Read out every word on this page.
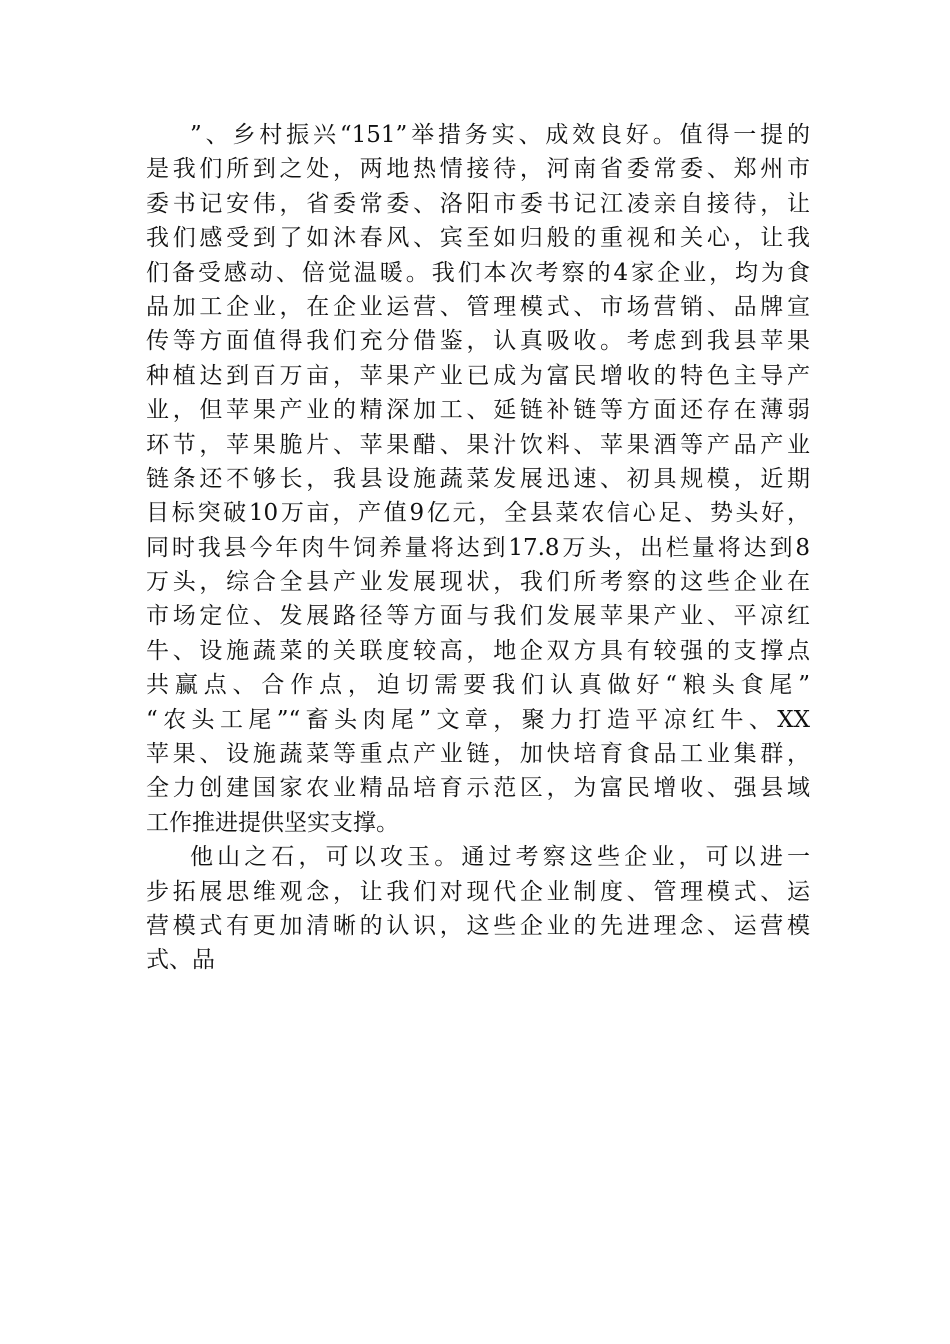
”、乡村振兴“151”举措务实、成效良好。值得一提的
是我们所到之处，两地热情接待，河南省委常委、郑州市
委书记安伟，省委常委、洛阳市委书记江凌亲自接待，让
我们感受到了如沐春风、宾至如归般的重视和关心，让我
们备受感动、倍觉温暖。我们本次考察的4家企业，均为食
品加工企业，在企业运营、管理模式、市场营销、品牌宣
传等方面值得我们充分借鉴，认真吸收。考虑到我县苹果
种植达到百万亩，苹果产业已成为富民增收的特色主导产
业，但苹果产业的精深加工、延链补链等方面还存在薄弱
环节，苹果脆片、苹果醋、果汁饮料、苹果酒等产品产业
链条还不够长，我县设施蔬菜发展迅速、初具规模，近期
目标突破10万亩，产值9亿元，全县菜农信心足、势头好，
同时我县今年肉牛饲养量将达到17.8万头，出栏量将达到8
万头，综合全县产业发展现状，我们所考察的这些企业在
市场定位、发展路径等方面与我们发展苹果产业、平凉红
牛、设施蔬菜的关联度较高，地企双方具有较强的支撑点
共赢点、合作点，迫切需要我们认真做好“粮头食尾”
“农头工尾”“畜头肉尾”文章，聚力打造平凉红牛、XX
苹果、设施蔬菜等重点产业链，加快培育食品工业集群，
全力创建国家农业精品培育示范区，为富民增收、强县域
工作推进提供坚实支撑。
他山之石，可以攻玉。通过考察这些企业，可以进一
步拓展思维观念，让我们对现代企业制度、管理模式、运
营模式有更加清晰的认识，这些企业的先进理念、运营模
式、品
